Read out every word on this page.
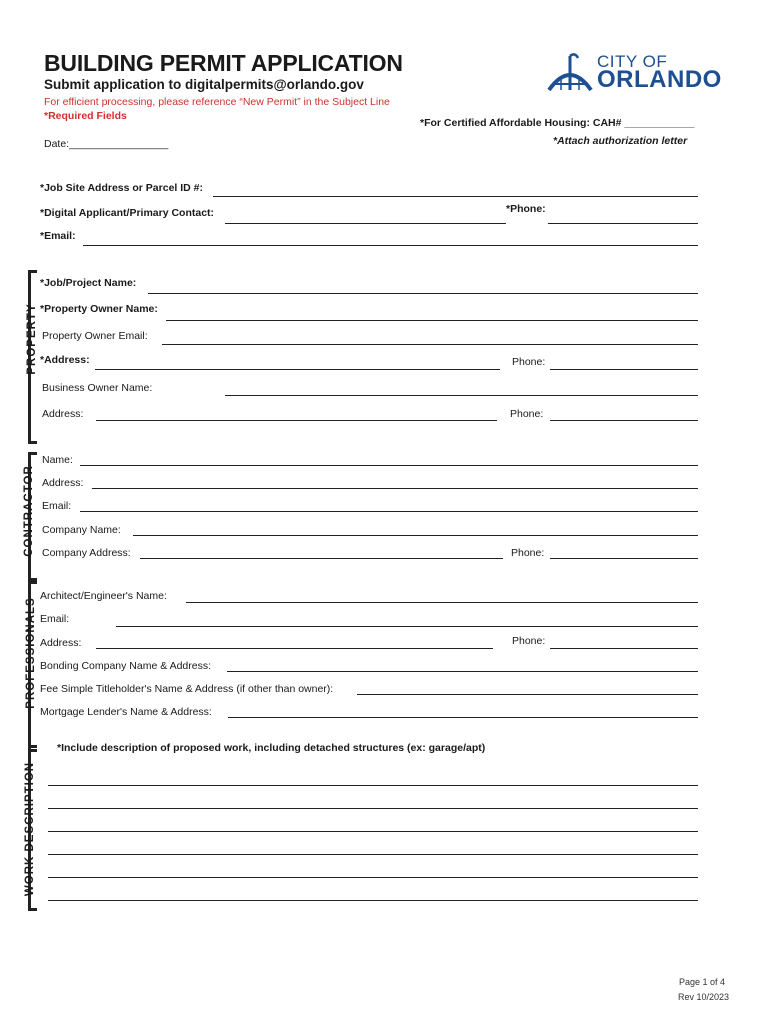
BUILDING PERMIT APPLICATION
Submit application to digitalpermits@orlando.gov
For efficient processing, please reference “New Permit” in the Subject Line
*Required Fields
*For Certified Affordable Housing: CAH# ____________
*Attach authorization letter
Date:_________________
CITY OF
ORLANDO
*Job Site Address or Parcel ID #:
*Digital Applicant/Primary Contact:	*Phone:
*Email:
PROPERTY
*Job/Project Name:
*Property Owner Name:
Property Owner Email:
*Address:	Phone:
Business Owner Name:
Address:	Phone:
CONTRACTOR
Name:
Address:
Email:
Company Name:
Company Address:	Phone:
PROFESSIONALS
Architect/Engineer's Name:
Email:
Address:	Phone:
Bonding Company Name & Address:
Fee Simple Titleholder's Name & Address (if other than owner):
Mortgage Lender's Name & Address:
WORK DESCRIPTION
*Include description of proposed work, including detached structures (ex: garage/apt)
Page 1 of 4
Rev 10/2023
